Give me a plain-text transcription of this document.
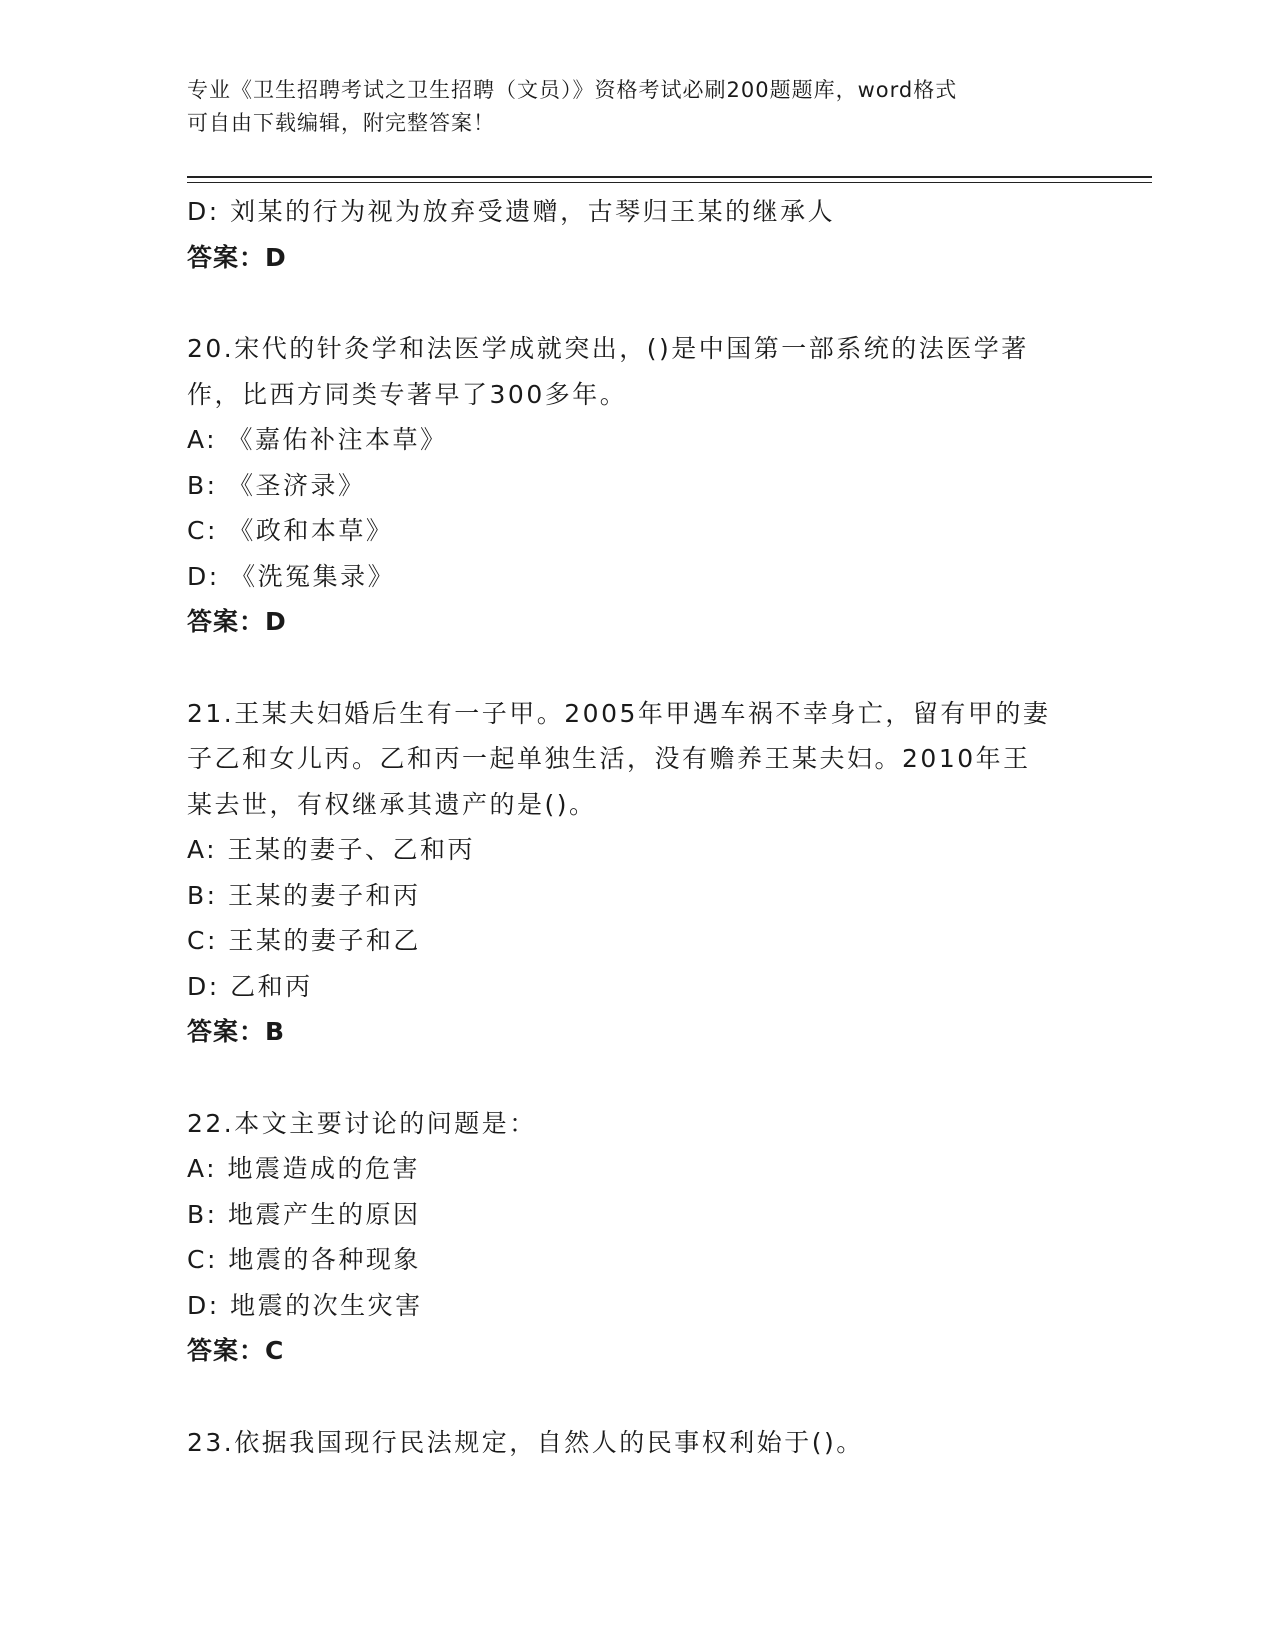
专业《卫生招聘考试之卫生招聘（文员）》资格考试必刷200题题库，word格式
可自由下载编辑，附完整答案！
D: 刘某的行为视为放弃受遗赠，古琴归王某的继承人
答案：D
20.宋代的针灸学和法医学成就突出，()是中国第一部系统的法医学著
作，比西方同类专著早了300多年。
A: 《嘉佑补注本草》
B: 《圣济录》
C: 《政和本草》
D: 《洗冤集录》
答案：D
21.王某夫妇婚后生有一子甲。2005年甲遇车祸不幸身亡，留有甲的妻
子乙和女儿丙。乙和丙一起单独生活，没有赡养王某夫妇。2010年王
某去世，有权继承其遗产的是()。
A: 王某的妻子、乙和丙
B: 王某的妻子和丙
C: 王某的妻子和乙
D: 乙和丙
答案：B
22.本文主要讨论的问题是：
A: 地震造成的危害
B: 地震产生的原因
C: 地震的各种现象
D: 地震的次生灾害
答案：C
23.依据我国现行民法规定，自然人的民事权利始于()。
